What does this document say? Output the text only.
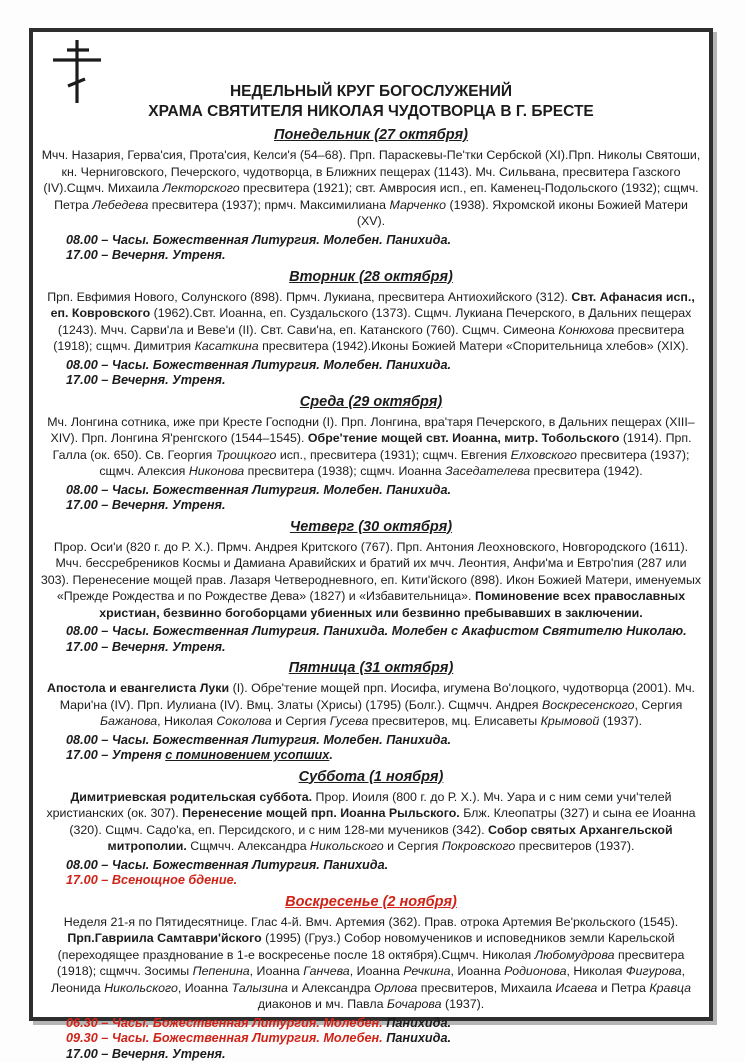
НЕДЕЛЬНЫЙ КРУГ БОГОСЛУЖЕНИЙ
ХРАМА СВЯТИТЕЛЯ НИКОЛАЯ ЧУДОТВОРЦА В Г. БРЕСТЕ
Понедельник (27 октября)

Мчч. Назария, Герва'сия, Прота'сия, Келси'я (54–68). Прп. Параскевы-Пе'тки Сербской (XI).Прп. Николы Святоши, кн. Черниговского, Печерского, чудотворца, в Ближних пещерах (1143). Мч. Сильвана, пресвитера Газского (IV).Сщмч. Михаила Лекторского пресвитера (1921); свт. Амвросия исп., еп. Каменец-Подольского (1932); сщмч. Петра Лебедева пресвитера (1937); прмч. Максимилиана Марченко (1938). Яхромской иконы Божией Матери (XV).

08.00 – Часы. Божественная Литургия. Молебен. Панихида.

17.00 – Вечерня. Утреня.

Вторник (28 октября)

Прп. Евфимия Нового, Солунского (898). Прмч. Лукиана, пресвитера Антиохийского (312). Свт. Афанасия исп., еп. Ковровского (1962).Свт. Иоанна, еп. Суздальского (1373). Сщмч. Лукиана Печерского, в Дальних пещерах (1243). Мчч. Сарви'ла и Веве'и (II). Свт. Сави'на, еп. Катанского (760). Сщмч. Симеона Конюхова пресвитера (1918); сщмч. Димитрия Касаткина пресвитера (1942).Иконы Божией Матери «Спорительница хлебов» (XIX).

08.00 – Часы. Божественная Литургия. Молебен. Панихида.

17.00 – Вечерня. Утреня.

Среда (29 октября)

Мч. Лонгина сотника, иже при Кресте Господни (I). Прп. Лонгина, вра'таря Печерского, в Дальних пещерах (XIII–XIV). Прп. Лонгина Я'ренгского (1544–1545). Обре'тение мощей свт. Иоанна, митр. Тобольского (1914). Прп. Галла (ок. 650). Св. Георгия Троицкого исп., пресвитера (1931); сщмч. Евгения Елховского пресвитера (1937); сщмч. Алексия Никонова пресвитера (1938); сщмч. Иоанна Заседателева пресвитера (1942).

08.00 – Часы. Божественная Литургия. Молебен. Панихида.

17.00 – Вечерня. Утреня.

Четверг (30 октября)

Прор. Оси'и (820 г. до Р. Х.). Прмч. Андрея Критского (767). Прп. Антония Леохновского, Новгородского (1611). Мчч. бессребреников Космы и Дамиана Аравийских и братий их мчч. Леонтия, Анфи'ма и Евтро'пия (287 или 303). Перенесение мощей прав. Лазаря Четверодневного, еп. Кити'йского (898). Икон Божией Матери, именуемых «Прежде Рождества и по Рождестве Дева» (1827) и «Избавительница». Поминовение всех православных христиан, безвинно богоборцами убиенных или безвинно пребывавших в заключении.

08.00 – Часы. Божественная Литургия. Панихида. Молебен с Акафистом Святителю Николаю.

17.00 – Вечерня. Утреня.

Пятница (31 октября)

Апостола и евангелиста Луки (I). Обре'тение мощей прп. Иосифа, игумена Во'лоцкого, чудотворца (2001). Мч. Мари'на (IV). Прп. Иулиана (IV). Вмц. Златы (Хрисы) (1795) (Болг.). Сщмчч. Андрея Воскресенского, Сергия Бажанова, Николая Соколова и Сергия Гусева пресвитеров, мц. Елисаветы Крымовой (1937).

08.00 – Часы. Божественная Литургия. Молебен. Панихида.

17.00 – Утреня с поминовением усопших.

Суббота (1 ноября)

Димитриевская родительская суббота. Прор. Иоиля (800 г. до Р. Х.). Мч. Уара и с ним семи учи'телей христианских (ок. 307). Перенесение мощей прп. Иоанна Рыльского. Блж. Клеопатры (327) и сына ее Иоанна (320). Сщмч. Садо'ка, еп. Персидского, и с ним 128-ми мучеников (342). Собор святых Архангельской митрополии. Сщмчч. Александра Никольского и Сергия Покровского пресвитеров (1937).

08.00 – Часы. Божественная Литургия. Панихида.

17.00 – Всенощное бдение.

Воскресенье (2 ноября)

Неделя 21-я по Пятидесятнице. Глас 4-й. Вмч. Артемия (362). Прав. отрока Артемия Ве'ркольского (1545). Прп.Гавриила Самтаври'йского (1995) (Груз.) Собор новомучеников и исповедников земли Карельской (переходящее празднование в 1-е воскресенье после 18 октября).Сщмч. Николая Любомудрова пресвитера (1918); сщмчч. Зосимы Пепенина, Иоанна Ганчева, Иоанна Речкина, Иоанна Родионова, Николая Фигурова, Леонида Никольского, Иоанна Талызина и Александра Орлова пресвитеров, Михаила Исаева и Петра Кравца диаконов и мч. Павла Бочарова (1937).

06.30 – Часы. Божественная Литургия. Молебен. Панихида.

09.30 – Часы. Божественная Литургия. Молебен. Панихида.

17.00 – Вечерня. Утреня.
